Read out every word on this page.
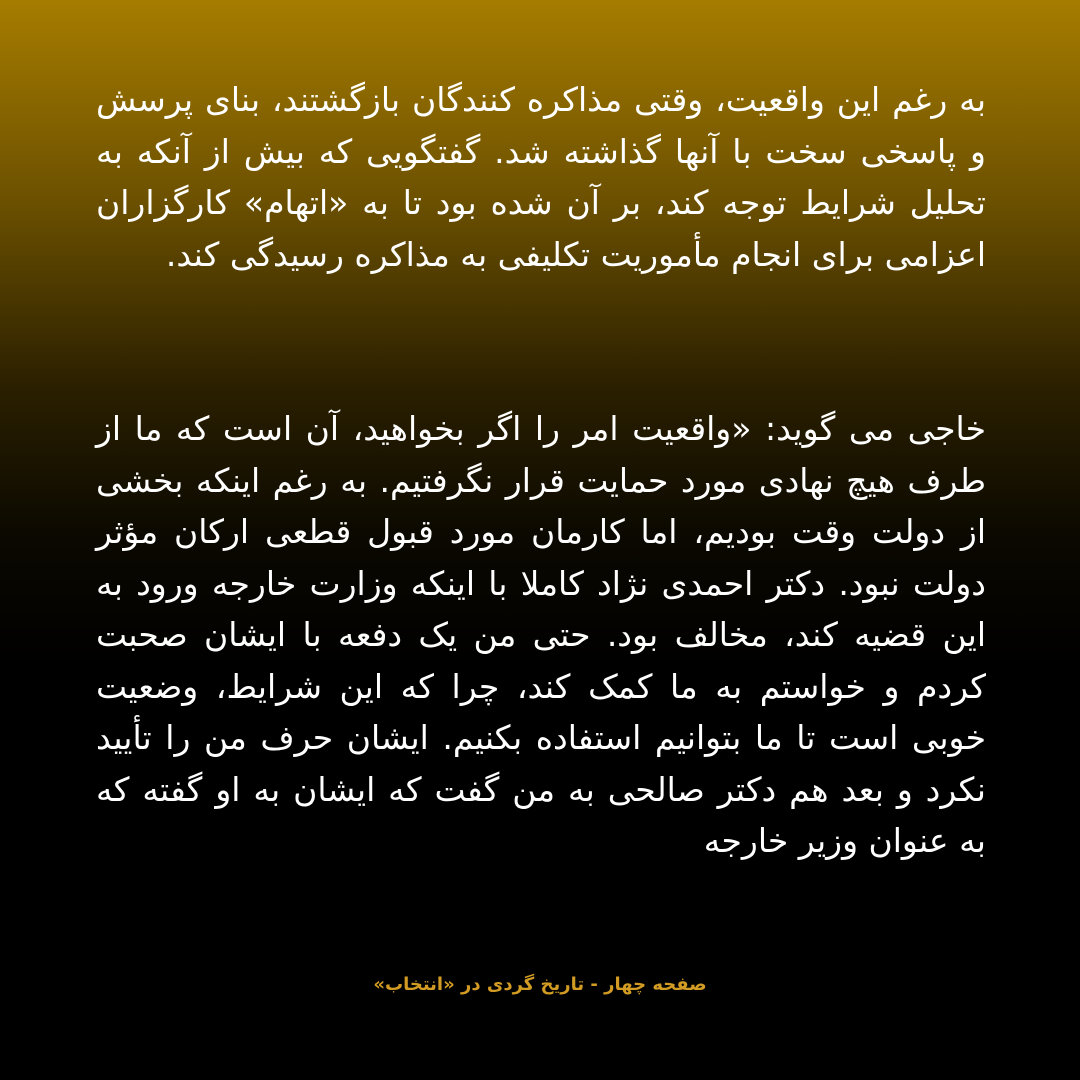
به رغم این واقعیت، وقتی مذاکره کنندگان بازگشتند، بنای پرسش و پاسخی سخت با آنها گذاشته شد. گفتگویی که بیش از آنکه به تحلیل شرایط توجه کند، بر آن شده بود تا به «اتهام» کارگزاران اعزامی برای انجام مأموریت تکلیفی به مذاکره رسیدگی کند.

خاجی می گوید: «واقعیت امر را اگر بخواهید، آن است که ما از طرف هیچ نهادی مورد حمایت قرار نگرفتیم. به رغم اینکه بخشی از دولت وقت بودیم، اما کارمان مورد قبول قطعی ارکان مؤثر دولت نبود. دکتر احمدی نژاد کاملا با اینکه وزارت خارجه ورود به این قضیه کند، مخالف بود. حتی من یک دفعه با ایشان صحبت کردم و خواستم به ما کمک کند، چرا که این شرایط، وضعیت خوبی است تا ما بتوانیم استفاده بکنیم. ایشان حرف من را تأیید نکرد و بعد هم دکتر صالحی به من گفت که ایشان به او گفته که به عنوان وزیر خارجه

صفحه چهار - تاریخ گردی در «انتخاب»
